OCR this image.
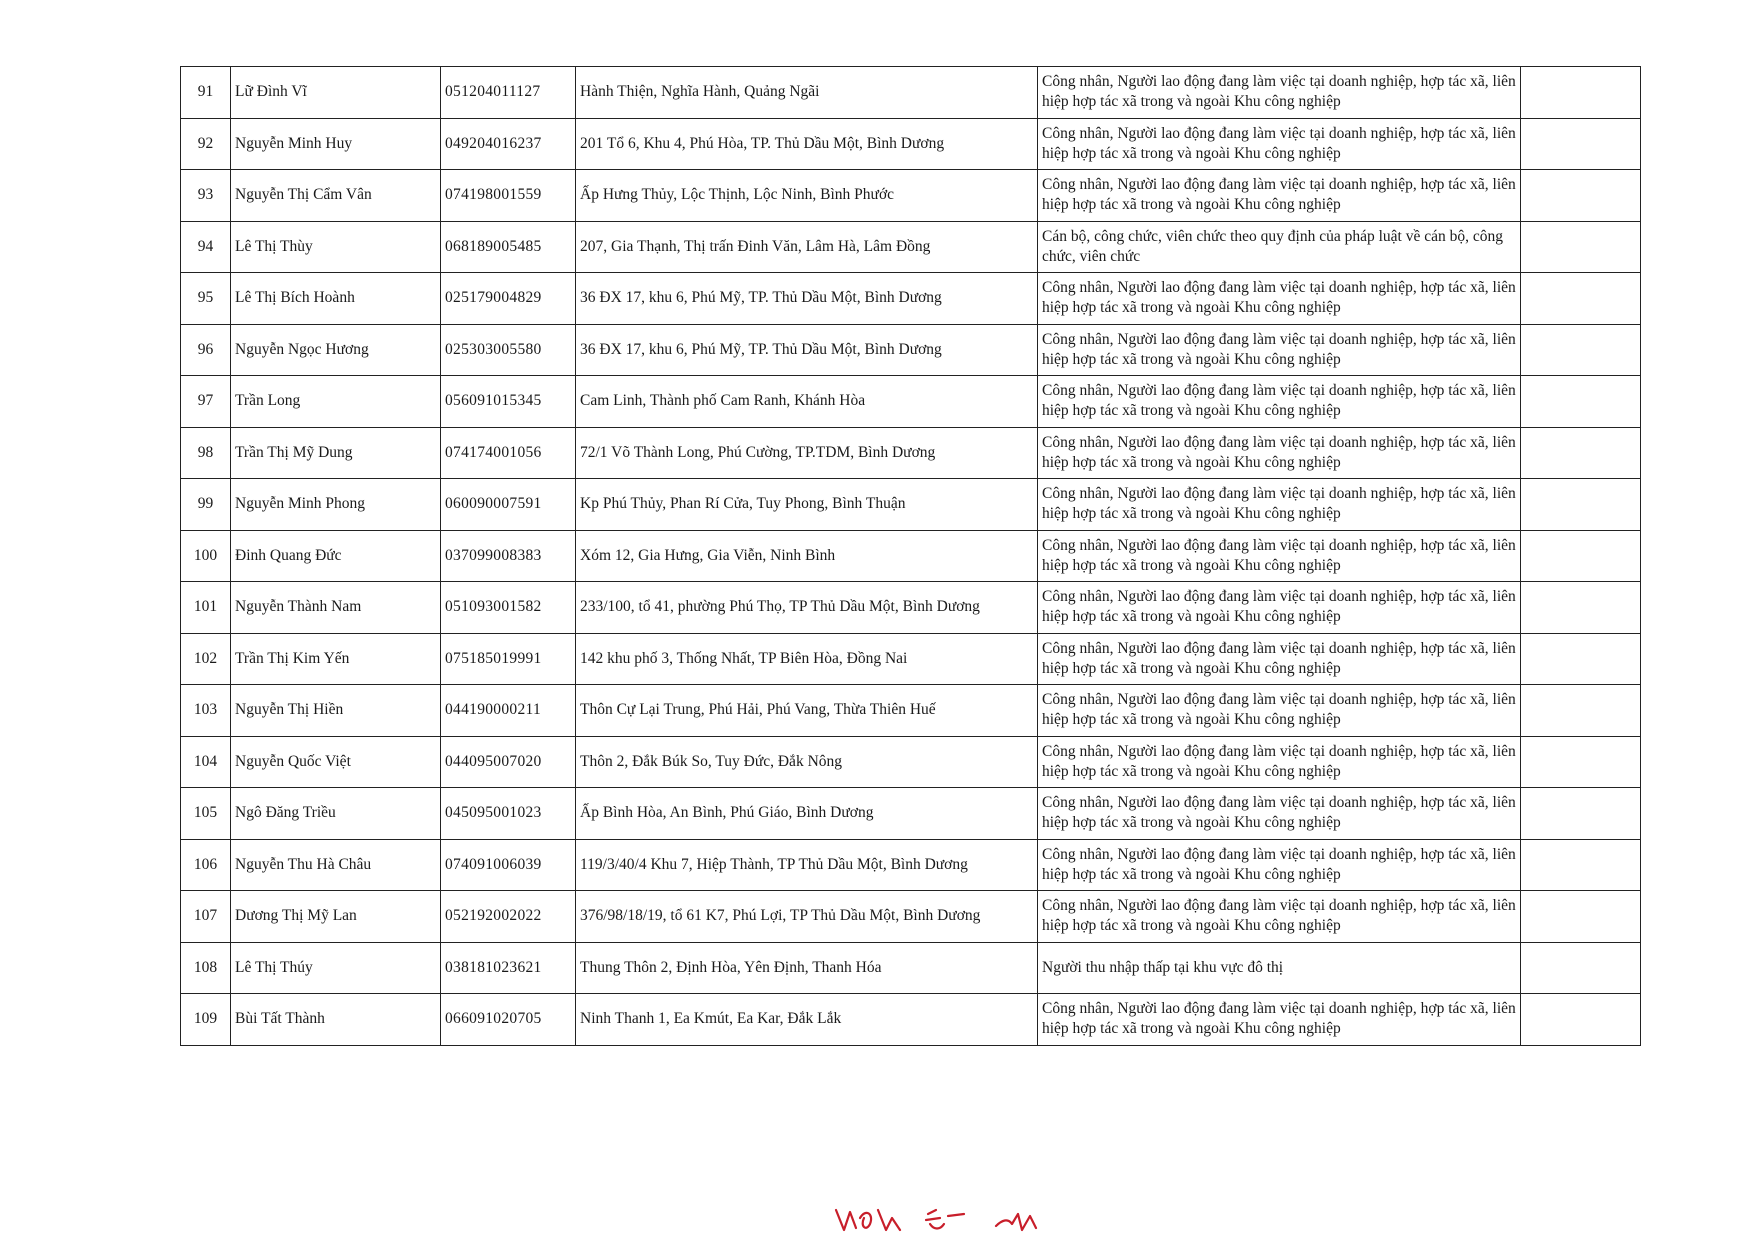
91	Lữ Đình Vĩ	051204011127	Hành Thiện, Nghĩa Hành, Quảng Ngãi	Công nhân, Người lao động đang làm việc tại doanh nghiệp, hợp tác xã, liên hiệp hợp tác xã trong và ngoài Khu công nghiệp	
92	Nguyễn Minh Huy	049204016237	201 Tổ 6, Khu 4, Phú Hòa, TP. Thủ Dầu Một, Bình Dương	Công nhân, Người lao động đang làm việc tại doanh nghiệp, hợp tác xã, liên hiệp hợp tác xã trong và ngoài Khu công nghiệp	
93	Nguyễn Thị Cẩm Vân	074198001559	Ấp Hưng Thủy, Lộc Thịnh, Lộc Ninh, Bình Phước	Công nhân, Người lao động đang làm việc tại doanh nghiệp, hợp tác xã, liên hiệp hợp tác xã trong và ngoài Khu công nghiệp	
94	Lê Thị Thùy	068189005485	207, Gia Thạnh, Thị trấn Đinh Văn, Lâm Hà, Lâm Đồng	Cán bộ, công chức, viên chức theo quy định của pháp luật về cán bộ, công chức, viên chức	
95	Lê Thị Bích Hoành	025179004829	36 ĐX 17, khu 6, Phú Mỹ, TP. Thủ Dầu Một, Bình Dương	Công nhân, Người lao động đang làm việc tại doanh nghiệp, hợp tác xã, liên hiệp hợp tác xã trong và ngoài Khu công nghiệp	
96	Nguyễn Ngọc Hương	025303005580	36 ĐX 17, khu 6, Phú Mỹ, TP. Thủ Dầu Một, Bình Dương	Công nhân, Người lao động đang làm việc tại doanh nghiệp, hợp tác xã, liên hiệp hợp tác xã trong và ngoài Khu công nghiệp	
97	Trần Long	056091015345	Cam Linh, Thành phố Cam Ranh, Khánh Hòa	Công nhân, Người lao động đang làm việc tại doanh nghiệp, hợp tác xã, liên hiệp hợp tác xã trong và ngoài Khu công nghiệp	
98	Trần Thị Mỹ Dung	074174001056	72/1 Võ Thành Long, Phú Cường, TP.TDM, Bình Dương	Công nhân, Người lao động đang làm việc tại doanh nghiệp, hợp tác xã, liên hiệp hợp tác xã trong và ngoài Khu công nghiệp	
99	Nguyễn Minh Phong	060090007591	Kp Phú Thủy, Phan Rí Cửa, Tuy Phong, Bình Thuận	Công nhân, Người lao động đang làm việc tại doanh nghiệp, hợp tác xã, liên hiệp hợp tác xã trong và ngoài Khu công nghiệp	
100	Đinh Quang Đức	037099008383	Xóm 12, Gia Hưng, Gia Viễn, Ninh Bình	Công nhân, Người lao động đang làm việc tại doanh nghiệp, hợp tác xã, liên hiệp hợp tác xã trong và ngoài Khu công nghiệp	
101	Nguyễn Thành Nam	051093001582	233/100, tổ 41, phường Phú Thọ, TP Thủ Dầu Một, Bình Dương	Công nhân, Người lao động đang làm việc tại doanh nghiệp, hợp tác xã, liên hiệp hợp tác xã trong và ngoài Khu công nghiệp	
102	Trần Thị Kim Yến	075185019991	142 khu phố 3, Thống Nhất, TP Biên Hòa, Đồng Nai	Công nhân, Người lao động đang làm việc tại doanh nghiệp, hợp tác xã, liên hiệp hợp tác xã trong và ngoài Khu công nghiệp	
103	Nguyễn Thị Hiền	044190000211	Thôn Cự Lại Trung, Phú Hải, Phú Vang, Thừa Thiên Huế	Công nhân, Người lao động đang làm việc tại doanh nghiệp, hợp tác xã, liên hiệp hợp tác xã trong và ngoài Khu công nghiệp	
104	Nguyễn Quốc Việt	044095007020	Thôn 2, Đắk Búk So, Tuy Đức, Đắk Nông	Công nhân, Người lao động đang làm việc tại doanh nghiệp, hợp tác xã, liên hiệp hợp tác xã trong và ngoài Khu công nghiệp	
105	Ngô Đăng Triều	045095001023	Ấp Bình Hòa, An Bình, Phú Giáo, Bình Dương	Công nhân, Người lao động đang làm việc tại doanh nghiệp, hợp tác xã, liên hiệp hợp tác xã trong và ngoài Khu công nghiệp	
106	Nguyễn Thu Hà Châu	074091006039	119/3/40/4 Khu 7, Hiệp Thành, TP Thủ Dầu Một, Bình Dương	Công nhân, Người lao động đang làm việc tại doanh nghiệp, hợp tác xã, liên hiệp hợp tác xã trong và ngoài Khu công nghiệp	
107	Dương Thị Mỹ Lan	052192002022	376/98/18/19, tổ 61 K7, Phú Lợi, TP Thủ Dầu Một, Bình Dương	Công nhân, Người lao động đang làm việc tại doanh nghiệp, hợp tác xã, liên hiệp hợp tác xã trong và ngoài Khu công nghiệp	
108	Lê Thị Thúy	038181023621	Thung Thôn 2, Định Hòa, Yên Định, Thanh Hóa	Người thu nhập thấp tại khu vực đô thị	
109	Bùi Tất Thành	066091020705	Ninh Thanh 1, Ea Kmút, Ea Kar, Đắk Lắk	Công nhân, Người lao động đang làm việc tại doanh nghiệp, hợp tác xã, liên hiệp hợp tác xã trong và ngoài Khu công nghiệp	
